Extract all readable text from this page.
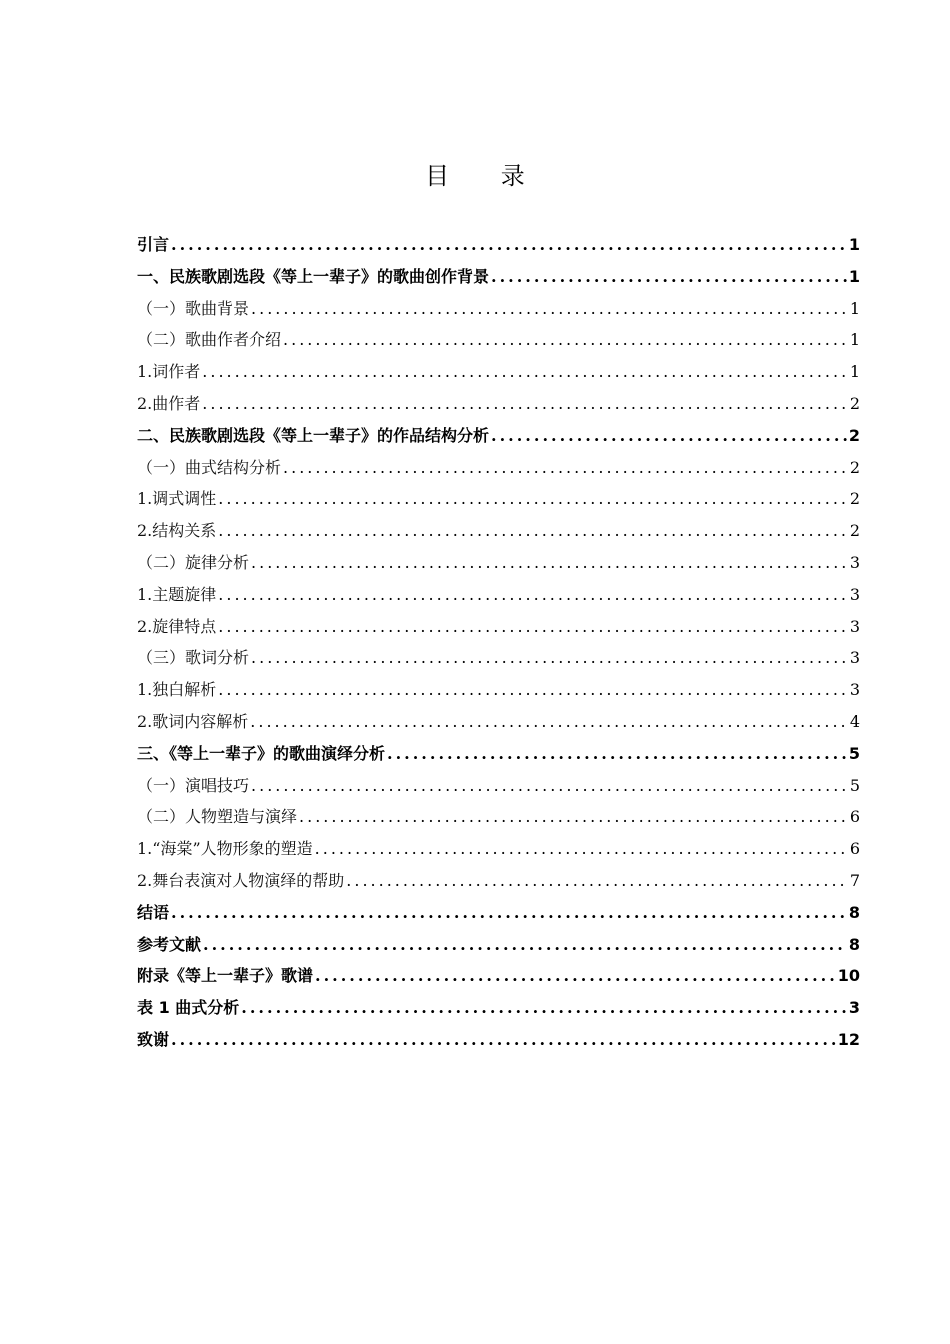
目 录
引言 .....	1
一、民族歌剧选段《等上一辈子》的歌曲创作背景 .....	1
（一）歌曲背景 .....	1
（二）歌曲作者介绍 .....	1
1.词作者 .....	1
2.曲作者 .....	2
二、民族歌剧选段《等上一辈子》的作品结构分析 .....	2
（一）曲式结构分析 .....	2
1.调式调性 .....	2
2.结构关系 .....	2
（二）旋律分析 .....	3
1.主题旋律 .....	3
2.旋律特点 .....	3
（三）歌词分析 .....	3
1.独白解析 .....	3
2.歌词内容解析 .....	4
三、《等上一辈子》的歌曲演绎分析 .....	5
（一）演唱技巧 .....	5
（二）人物塑造与演绎 .....	6
1.“海棠”人物形象的塑造 .....	6
2.舞台表演对人物演绎的帮助 .....	7
结语 .....	8
参考文献 .....	8
附录《等上一辈子》歌谱 .....	10
表 1 曲式分析 .....	3
致谢 .....	12
